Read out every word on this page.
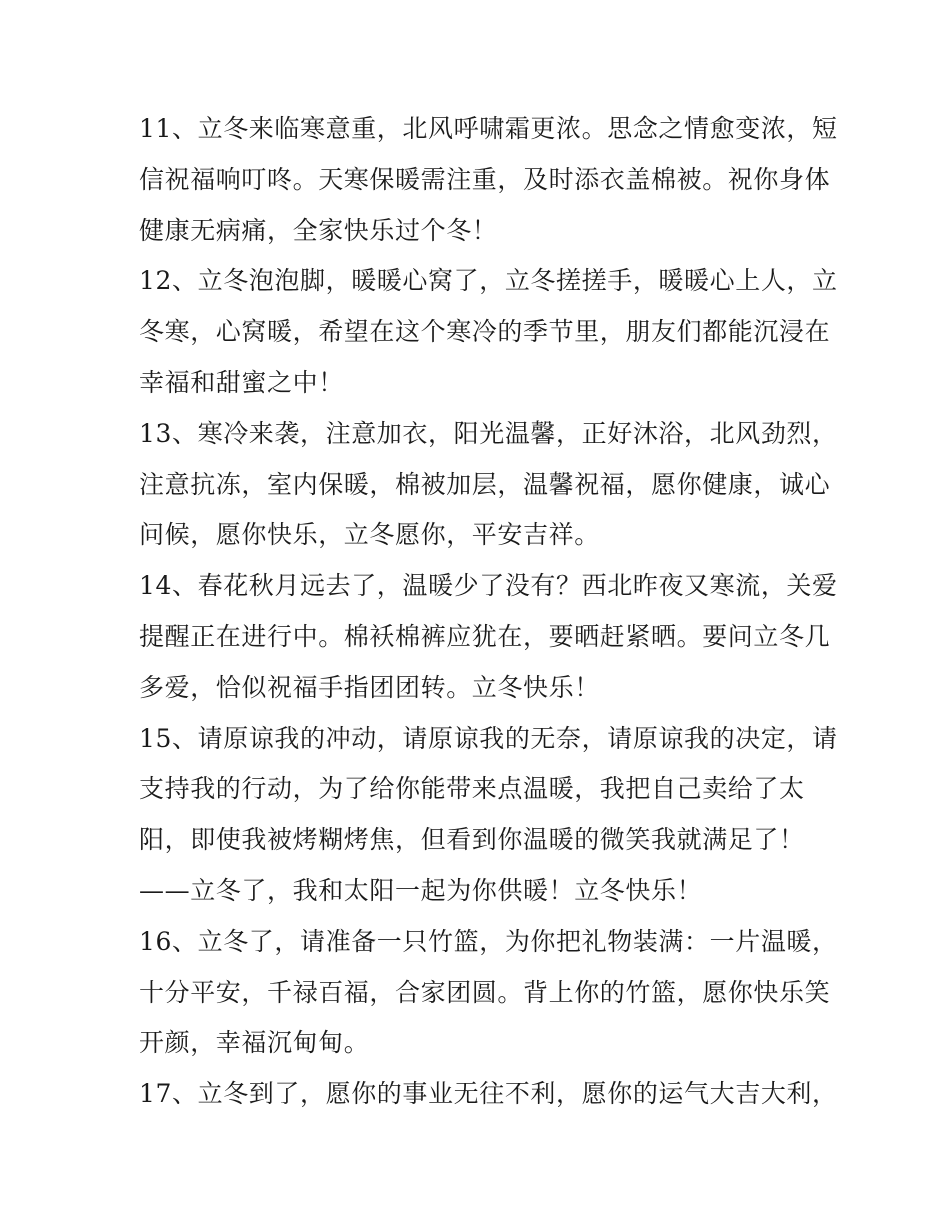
11、立冬来临寒意重，北风呼啸霜更浓。思念之情愈变浓，短
信祝福响叮咚。天寒保暖需注重，及时添衣盖棉被。祝你身体
健康无病痛，全家快乐过个冬！
12、立冬泡泡脚，暖暖心窝了，立冬搓搓手，暖暖心上人，立
冬寒，心窝暖，希望在这个寒冷的季节里，朋友们都能沉浸在
幸福和甜蜜之中！
13、寒冷来袭，注意加衣，阳光温馨，正好沐浴，北风劲烈，
注意抗冻，室内保暖，棉被加层，温馨祝福，愿你健康，诚心
问候，愿你快乐，立冬愿你，平安吉祥。
14、春花秋月远去了，温暖少了没有？西北昨夜又寒流，关爱
提醒正在进行中。棉袄棉裤应犹在，要晒赶紧晒。要问立冬几
多爱，恰似祝福手指团团转。立冬快乐！
15、请原谅我的冲动，请原谅我的无奈，请原谅我的决定，请
支持我的行动，为了给你能带来点温暖，我把自己卖给了太
阳，即使我被烤糊烤焦，但看到你温暖的微笑我就满足了！
——立冬了，我和太阳一起为你供暖！立冬快乐！
16、立冬了，请准备一只竹篮，为你把礼物装满：一片温暖，
十分平安，千禄百福，合家团圆。背上你的竹篮，愿你快乐笑
开颜，幸福沉甸甸。
17、立冬到了，愿你的事业无往不利，愿你的运气大吉大利，
